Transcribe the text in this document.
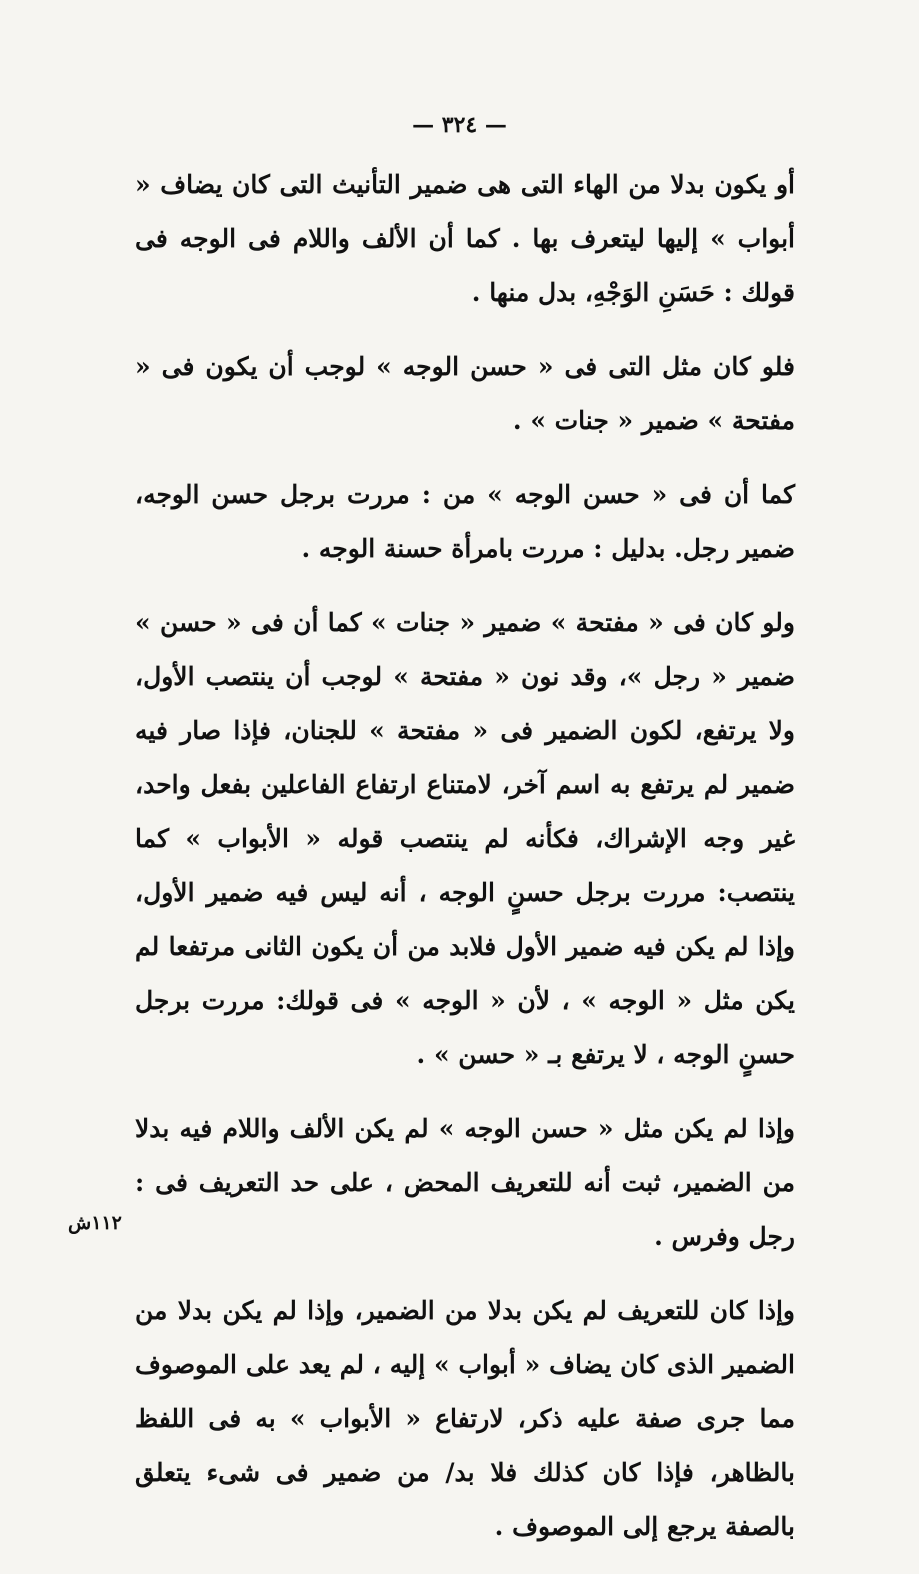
— ٣٢٤ —

أو يكون بدلا من الهاء التى هى ضمير التأنيث التى كان يضاف « أبواب » إليها ليتعرف بها . كما أن الألف واللام فى الوجه فى قولك : حَسَنِ الوَجْهِ، بدل منها .

فلو كان مثل التى فى « حسن الوجه » لوجب أن يكون فى « مفتحة » ضمير « جنات » .

كما أن فى « حسن الوجه » من : مررت برجل حسن الوجه، ضمير رجل. بدليل : مررت بامرأة حسنة الوجه .

ولو كان فى « مفتحة » ضمير « جنات » كما أن فى « حسن » ضمير « رجل »، وقد نون « مفتحة » لوجب أن ينتصب الأول، ولا يرتفع، لكون الضمير فى « مفتحة » للجنان، فإذا صار فيه ضمير لم يرتفع به اسم آخر، لامتناع ارتفاع الفاعلين بفعل واحد، غير وجه الإشراك، فكأنه لم ينتصب قوله « الأبواب » كما ينتصب: مررت برجل حسنٍ الوجه ، أنه ليس فيه ضمير الأول، وإذا لم يكن فيه ضمير الأول فلابد من أن يكون الثانى مرتفعا لم يكن مثل « الوجه » ، لأن « الوجه » فى قولك: مررت برجل حسنٍ الوجه ، لا يرتفع بـ « حسن » .

وإذا لم يكن مثل « حسن الوجه » لم يكن الألف واللام فيه بدلا من الضمير، ثبت أنه للتعريف المحض ، على حد التعريف فى : رجل وفرس .

وإذا كان للتعريف لم يكن بدلا من الضمير، وإذا لم يكن بدلا من الضمير الذى كان يضاف « أبواب » إليه ، لم يعد على الموصوف مما جرى صفة عليه ذكر، لارتفاع « الأبواب » به فى اللفظ بالظاهر، فإذا كان كذلك فلا بد/ من ضمير فى شىء يتعلق بالصفة يرجع إلى الموصوف .

١١٢ش
